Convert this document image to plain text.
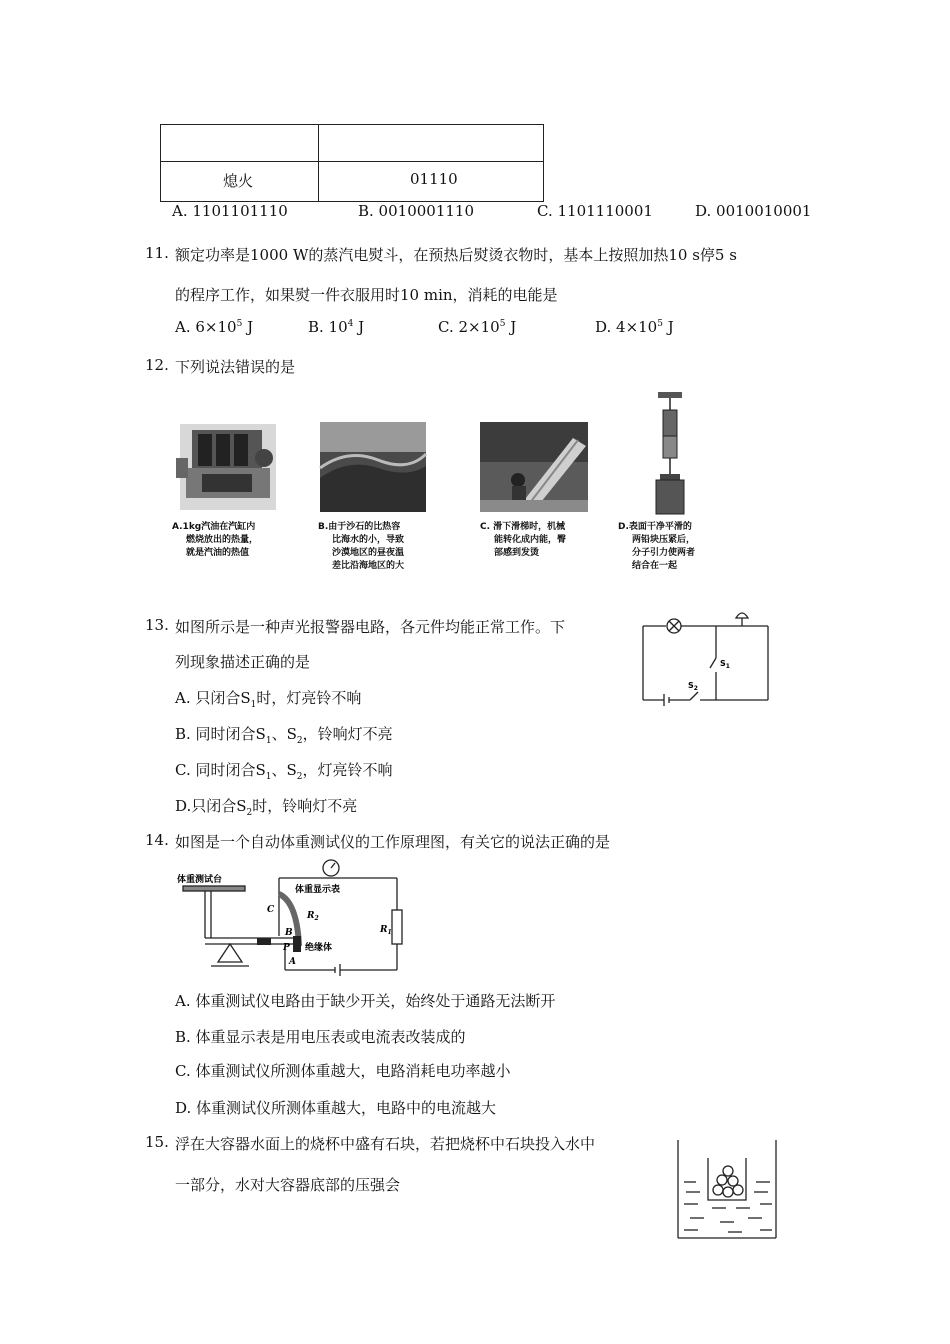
熄火	01110
A. 1101101110	B. 0010001110	C. 1101110001	D. 0010010001
11. 额定功率是1000 W的蒸汽电熨斗，在预热后熨烫衣物时，基本上按照加热10 s停5 s
的程序工作，如果熨一件衣服用时10 min，消耗的电能是
A. $6\times 10^5$ J	B. $10^4$ J	C. $2\times 10^5$ J	D. $4\times 10^5$ J
12. 下列说法错误的是
A.1kg汽油在汽缸内
燃烧放出的热量，
就是汽油的热值
B.由于沙石的比热容
比海水的小，导致
沙漠地区的昼夜温
差比沿海地区的大
C. 滑下滑梯时，机械
能转化成内能，臀
部感到发烫
D.表面干净平滑的
两铅块压紧后，
分子引力使两者
结合在一起
13. 如图所示是一种声光报警器电路，各元件均能正常工作。下
列现象描述正确的是
A. 只闭合$S_1$时，灯亮铃不响
B. 同时闭合$S_1$、$S_2$，铃响灯不亮
C. 同时闭合$S_1$、$S_2$，灯亮铃不响
D.只闭合$S_2$时，铃响灯不亮
$S_1$
$S_2$
14. 如图是一个自动体重测试仪的工作原理图，有关它的说法正确的是
体重测试台
体重显示表
C
$R_2$
B
P
A
绝缘体
$R_1$
A. 体重测试仪电路由于缺少开关，始终处于通路无法断开
B. 体重显示表是用电压表或电流表改装成的
C. 体重测试仪所测体重越大，电路消耗电功率越小
D. 体重测试仪所测体重越大，电路中的电流越大
15. 浮在大容器水面上的烧杯中盛有石块，若把烧杯中石块投入水中
一部分，水对大容器底部的压强会
